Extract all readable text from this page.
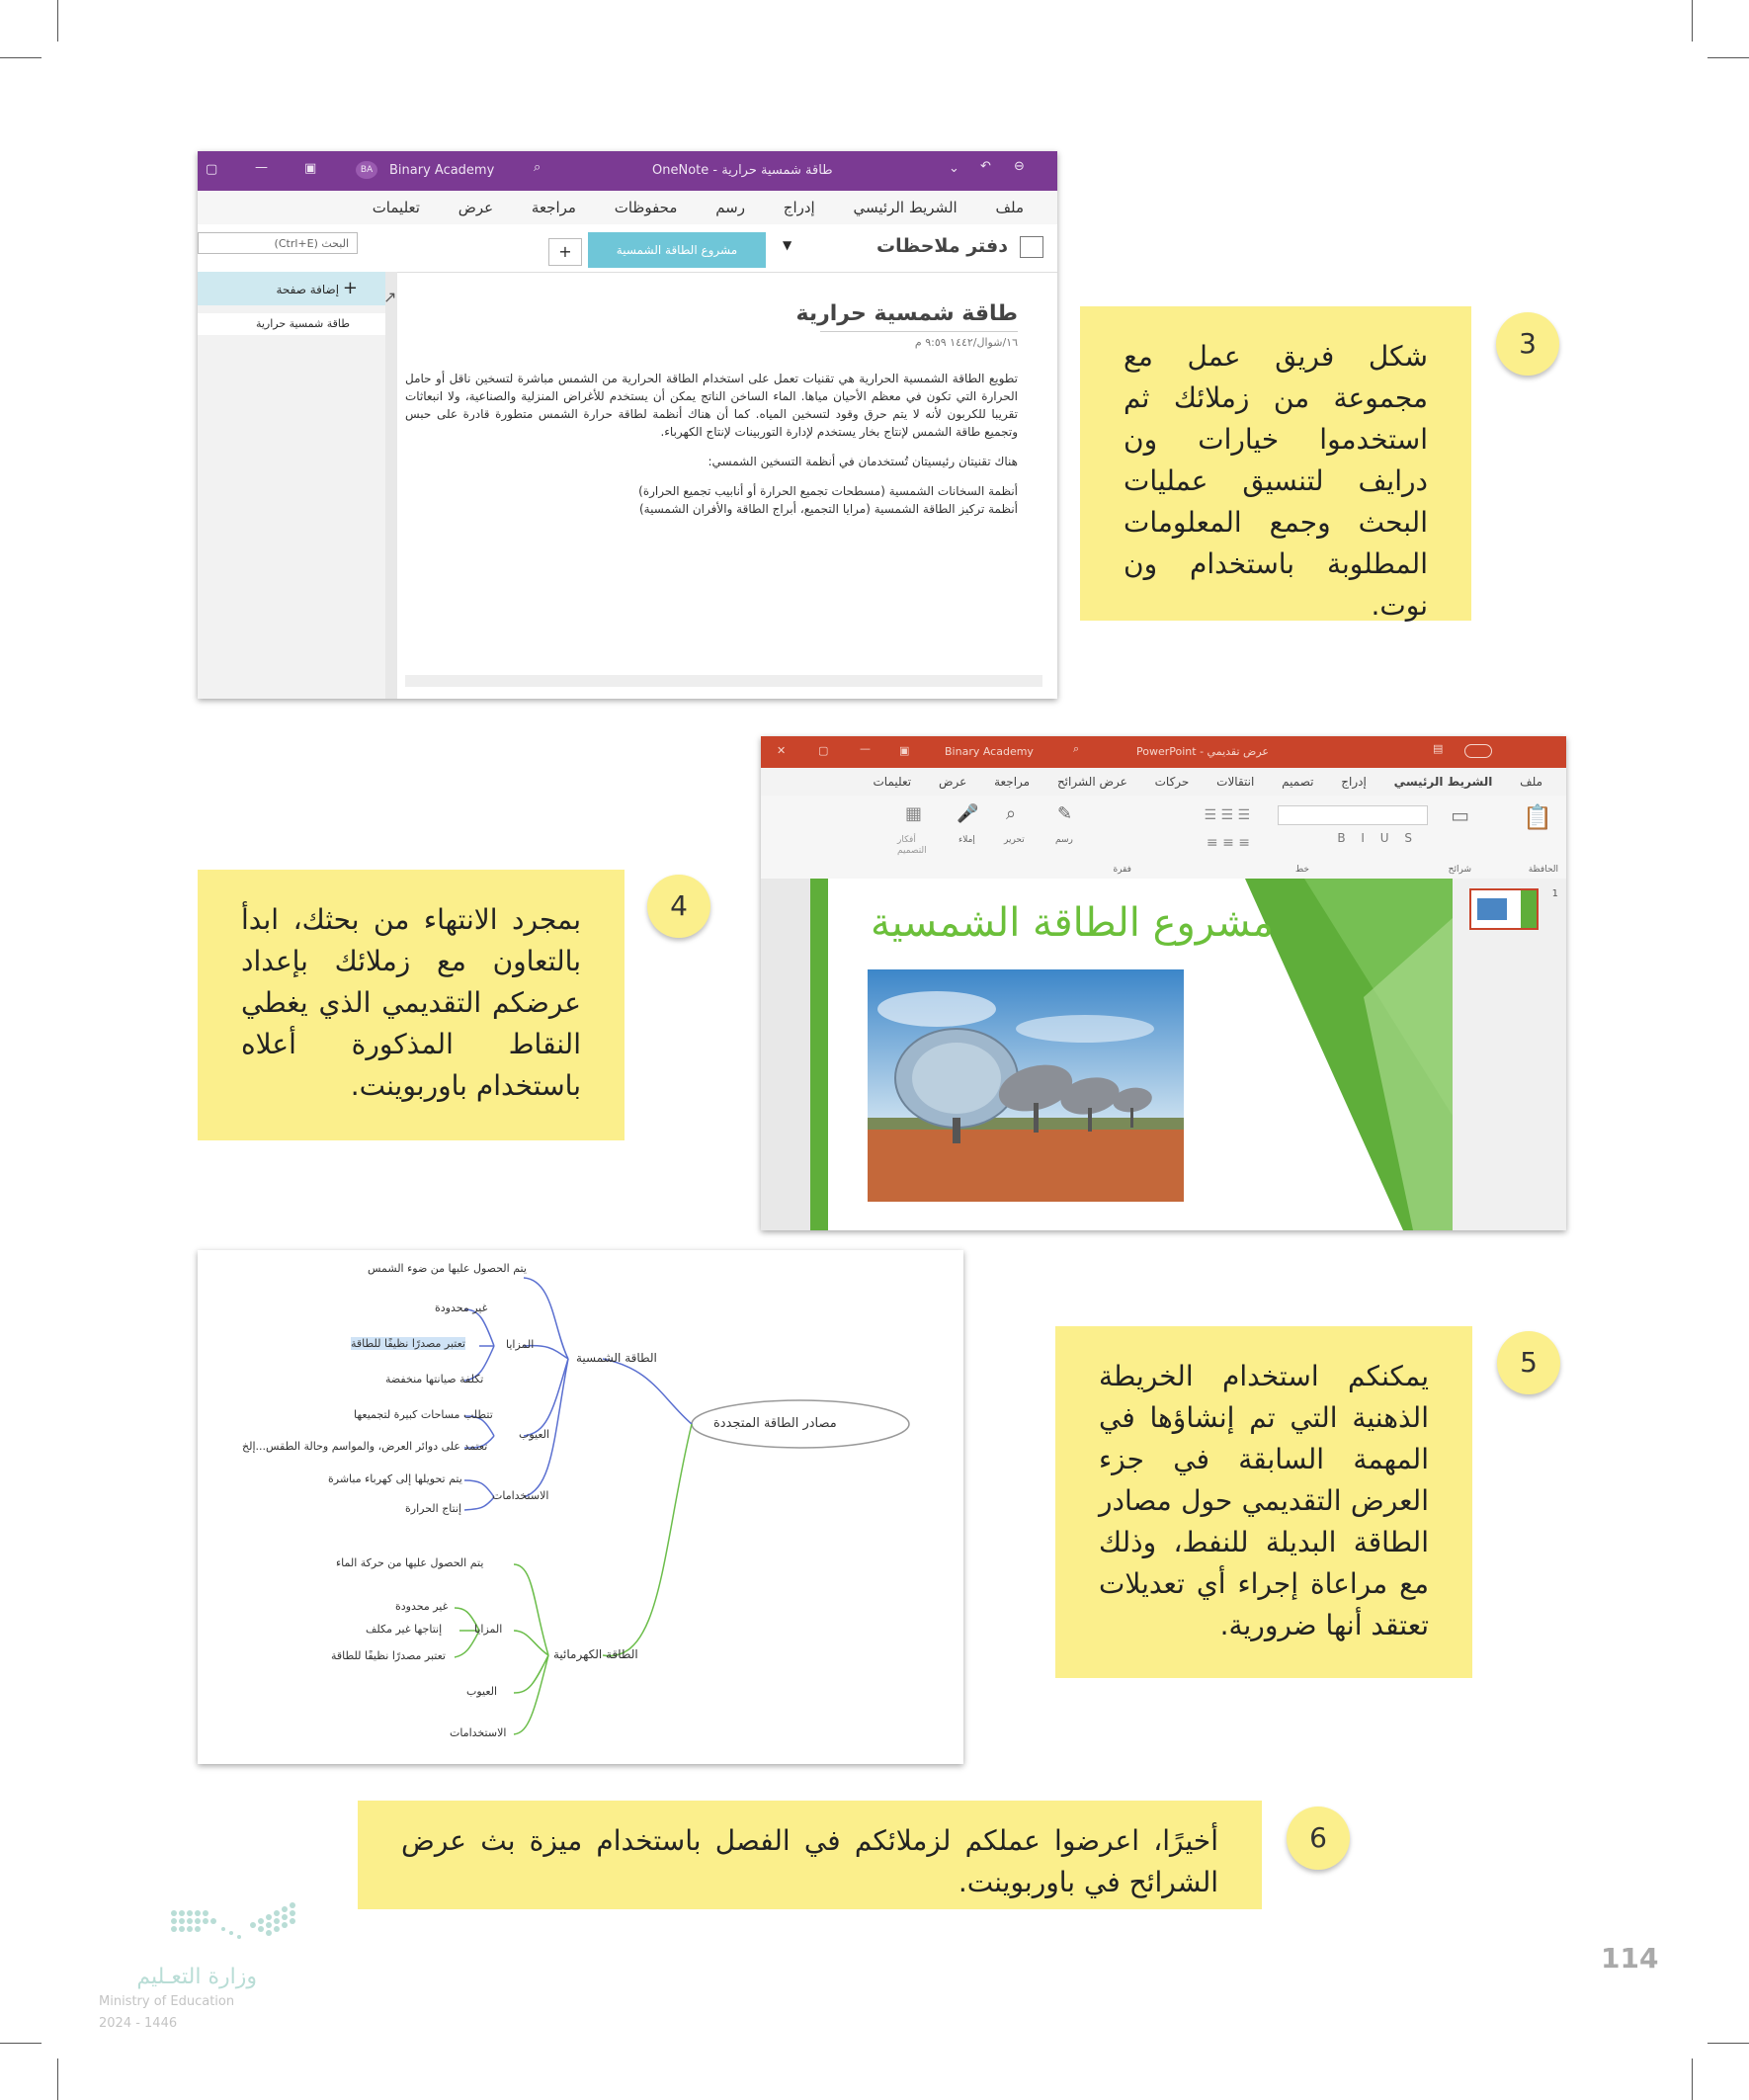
▢	—	▣	BA	Binary Academy	⌕	OneNote - طاقة شمسية حرارية	⌄ ↶ ⊖
ملف الشريط الرئيسي إدراج رسم محفوظات مراجعة عرض تعليمات
دفتر ملاحظات
▼
مشروع الطاقة الشمسية
+
البحث (Ctrl+E)
+ إضافة صفحة
طاقة شمسية حرارية
↗
طاقة شمسية حرارية
١٦/شوال/١٤٤٢ ٩:٥٩ م
تطويع الطاقة الشمسية الحرارية هي تقنيات تعمل على استخدام الطاقة الحرارية من الشمس مباشرة لتسخين ناقل أو حامل الحرارة التي تكون في معظم الأحيان مياها. الماء الساخن الناتج يمكن أن يستخدم للأغراض المنزلية والصناعية، ولا انبعاثات تقريبا للكربون لأنه لا يتم حرق وقود لتسخين المياه. كما أن هناك أنظمة لطاقة حرارة الشمس متطورة قادرة على حبس وتجميع طاقة الشمس لإنتاج بخار يستخدم لإدارة التوربينات لإنتاج الكهرباء.
هناك تقنيتان رئيسيتان تُستخدمان في أنظمة التسخين الشمسي:
أنظمة السخانات الشمسية (مسطحات تجميع الحرارة أو أنابيب تجميع الحرارة)
أنظمة تركيز الطاقة الشمسية (مرايا التجميع، أبراج الطاقة والأفران الشمسية)
شكل فريق عمل مع مجموعة من زملائك ثم استخدموا خيارات ون درايف لتنسيق عمليات البحث وجمع المعلومات المطلوبة باستخدام ون نوت.
3
✕	▢	—	▣	Binary Academy	⌕	PowerPoint - عرض تقديمي	▤
ملف الشريط الرئيسي إدراج تصميم انتقالات حركات عرض الشرائح مراجعة عرض تعليمات
📋
الحافظة
▭
شرائح
B I U S
خط
☰ ☰ ☰
≡ ≡ ≡
فقرة
✎
رسم
⌕
تحرير
🎤
إملاء
▦
أفكار التصميم
مشروع الطاقة الشمسية
1
بمجرد الانتهاء من بحثك، ابدأ بالتعاون مع زملائك بإعداد عرضكم التقديمي الذي يغطي النقاط المذكورة أعلاه باستخدام باوربوينت.
4
مصادر الطاقة المتجددة
الطاقة الشمسية
يتم الحصول عليها من ضوء الشمس
المزايا
غير محدودة
تعتبر مصدرًا نظيفًا للطاقة
تكلفة صيانتها منخفضة
العيوب
تتطلب مساحات كبيرة لتجميعها
تعتمد على دوائر العرض، والمواسم وحالة الطقس...إلخ
الاستخدامات
يتم تحويلها إلى كهرباء مباشرة
إنتاج الحرارة
الطاقة الكهرمائية
يتم الحصول عليها من حركة الماء
المزايا
غير محدودة
إنتاجها غير مكلف
تعتبر مصدرًا نظيفًا للطاقة
العيوب
الاستخدامات
يمكنكم استخدام الخريطة الذهنية التي تم إنشاؤها في المهمة السابقة في جزء العرض التقديمي حول مصادر الطاقة البديلة للنفط، وذلك مع مراعاة إجراء أي تعديلات تعتقد أنها ضرورية.
5
أخيرًا، اعرضوا عملكم لزملائكم في الفصل باستخدام ميزة بث عرض الشرائح في باوربوينت.
6
وزارة التعـليم
Ministry of Education
2024 - 1446
114
